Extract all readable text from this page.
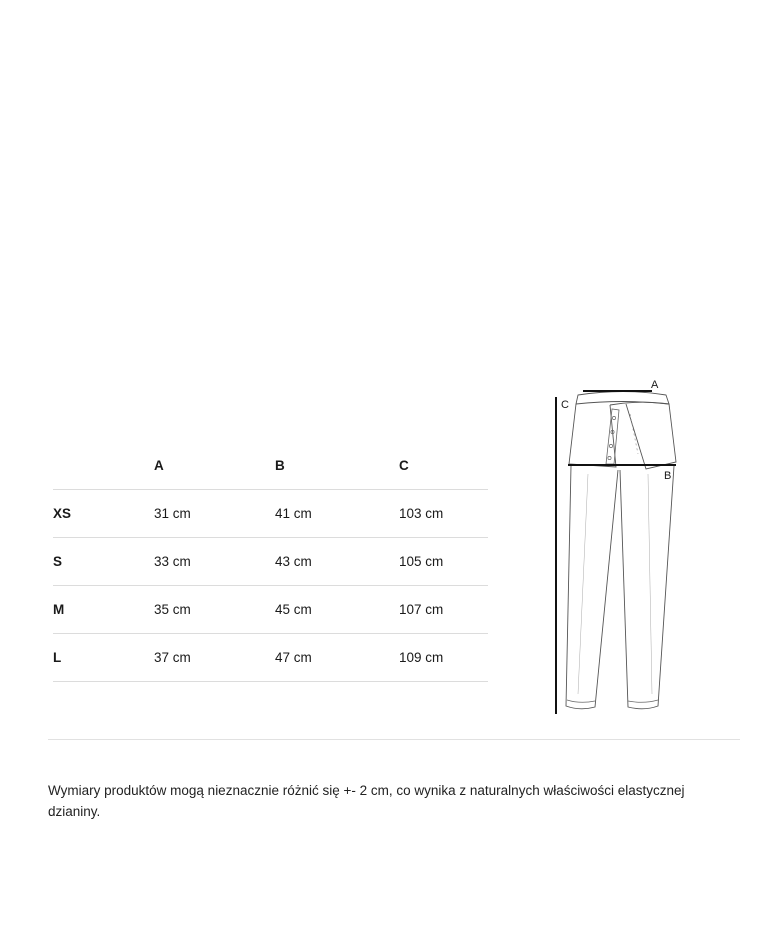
	A	B	C
XS	31 cm	41 cm	103 cm
S	33 cm	43 cm	105 cm
M	35 cm	45 cm	107 cm
L	37 cm	47 cm	109 cm
A
B
C

Wymiary produktów mogą nieznacznie różnić się +- 2 cm, co wynika z naturalnych właściwości elastycznej dzianiny.
